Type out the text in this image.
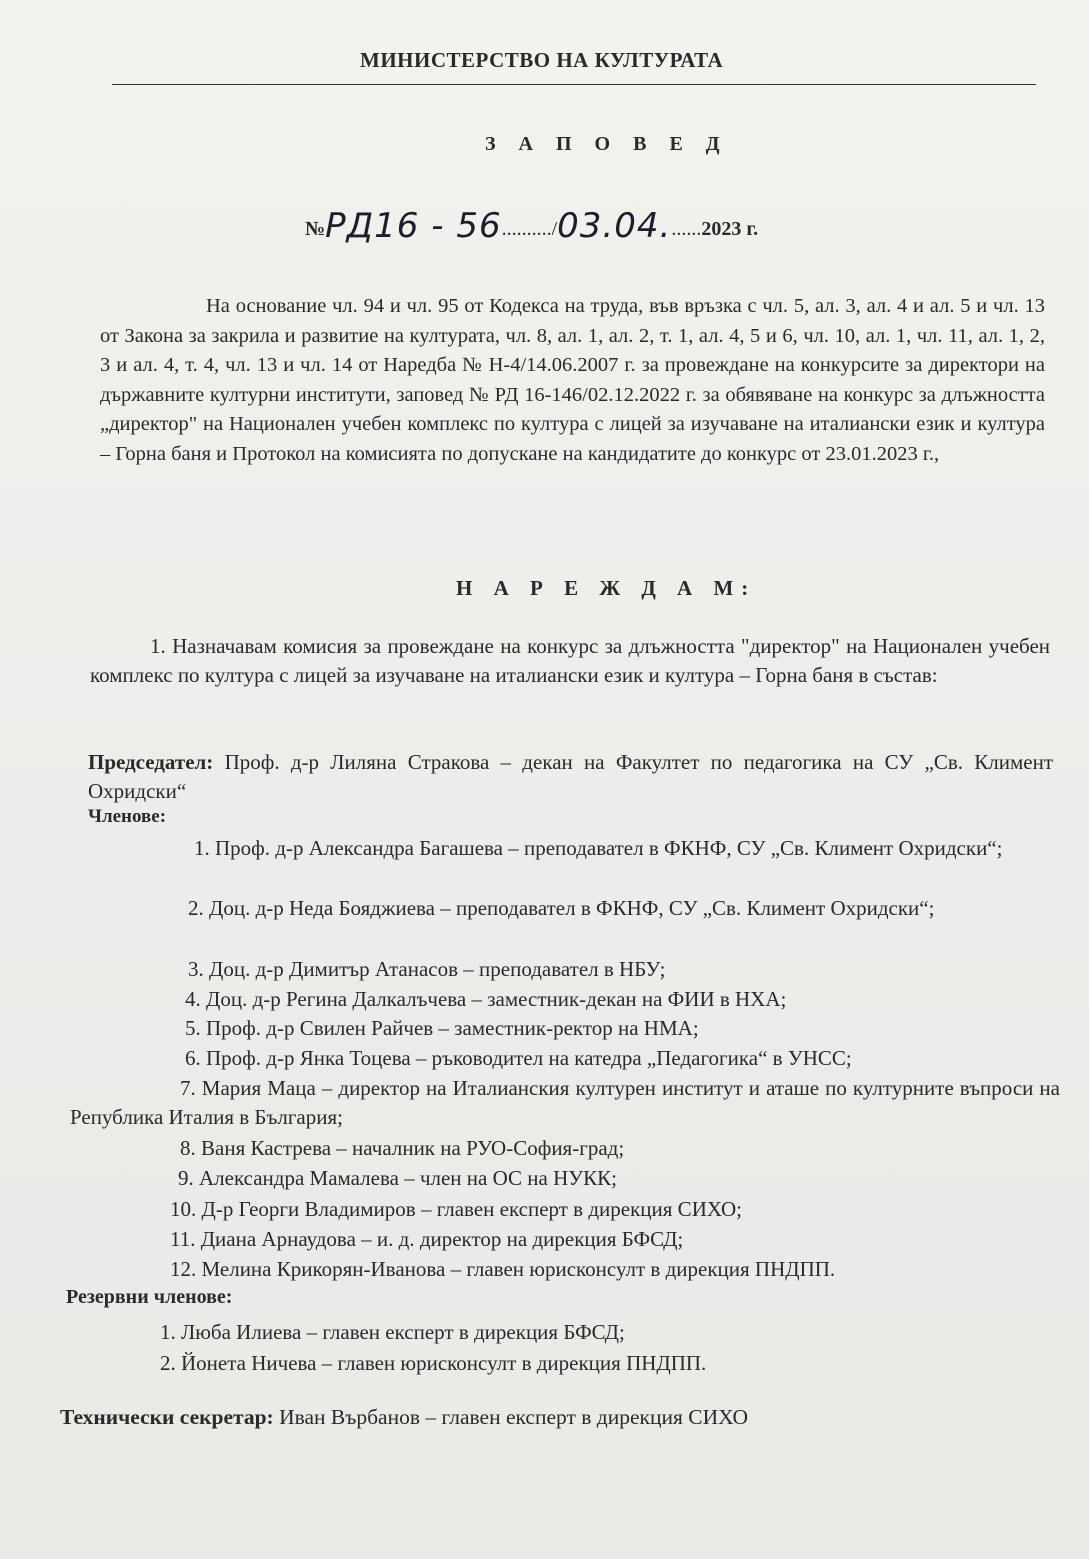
МИНИСТЕРСТВО НА КУЛТУРАТА
З А П О В Е Д
№РД16 - 56........../03.04.......2023 г.
На основание чл. 94 и чл. 95 от Кодекса на труда, във връзка с чл. 5, ал. 3, ал. 4 и ал. 5 и чл. 13 от Закона за закрила и развитие на културата, чл. 8, ал. 1, ал. 2, т. 1, ал. 4, 5 и 6, чл. 10, ал. 1, чл. 11, ал. 1, 2, 3 и ал. 4, т. 4, чл. 13 и чл. 14 от Наредба № Н-4/14.06.2007 г. за провеждане на конкурсите за директори на държавните културни институти, заповед № РД 16-146/02.12.2022 г. за обявяване на конкурс за длъжността „директор" на Национален учебен комплекс по култура с лицей за изучаване на италиански език и култура – Горна баня и Протокол на комисията по допускане на кандидатите до конкурс от 23.01.2023 г.,
Н А Р Е Ж Д А М:
1. Назначавам комисия за провеждане на конкурс за длъжността "директор" на Национален учебен комплекс по култура с лицей за изучаване на италиански език и култура – Горна баня в състав:
Председател: Проф. д-р Лиляна Стракова – декан на Факултет по педагогика на СУ „Св. Климент Охридски“
Членове:
1. Проф. д-р Александра Багашева – преподавател в ФКНФ, СУ „Св. Климент Охридски“;
2. Доц. д-р Неда Бояджиева – преподавател в ФКНФ, СУ „Св. Климент Охридски“;
3. Доц. д-р Димитър Атанасов – преподавател в НБУ;
4. Доц. д-р Регина Далкалъчева – заместник-декан на ФИИ в НХА;
5. Проф. д-р Свилен Райчев – заместник-ректор на НМА;
6. Проф. д-р Янка Тоцева – ръководител на катедра „Педагогика“ в УНСС;
7. Мария Маца – директор на Италианския културен институт и аташе по културните въпроси на Република Италия в България;
8. Ваня Кастрева – началник на РУО-София-град;
9. Александра Мамалева – член на ОС на НУКК;
10. Д-р Георги Владимиров – главен експерт в дирекция СИХО;
11. Диана Арнаудова – и. д. директор на дирекция БФСД;
12. Мелина Крикорян-Иванова – главен юрисконсулт в дирекция ПНДПП.
Резервни членове:
1. Люба Илиева – главен експерт в дирекция БФСД;
2. Йонета Ничева – главен юрисконсулт в дирекция ПНДПП.
Технически секретар: Иван Върбанов – главен експерт в дирекция СИХО
